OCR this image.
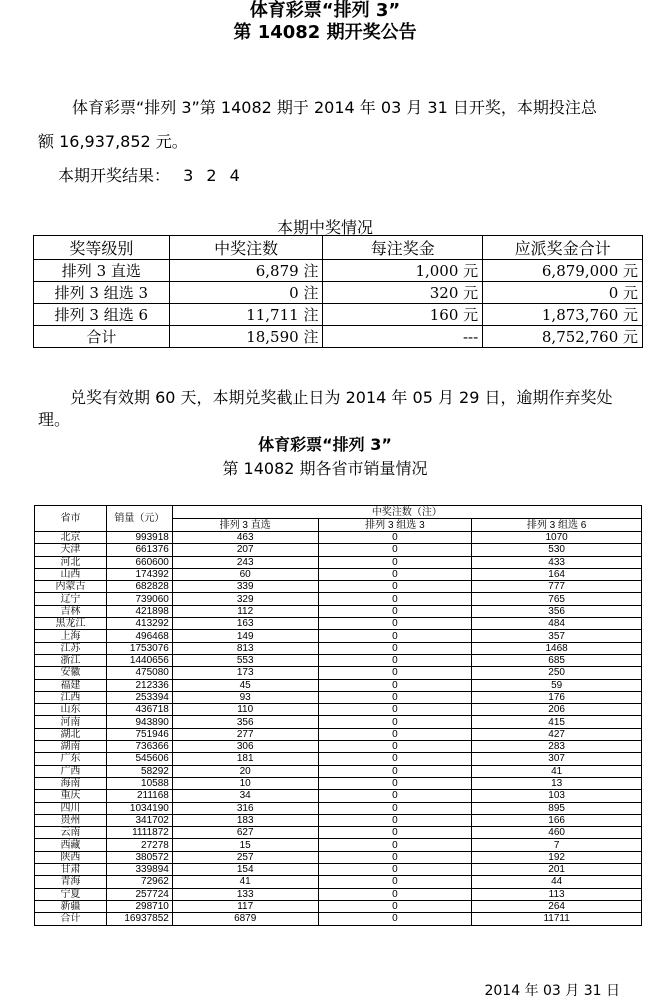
体育彩票“排列 3”
第 14082 期开奖公告
体育彩票“排列 3”第 14082 期于 2014 年 03 月 31 日开奖，本期投注总
额 16,937,852 元。
本期开奖结果： 3 2 4
本期中奖情况
奖等级别	中奖注数	每注奖金	应派奖金合计
排列 3 直选	6,879 注	1,000 元	6,879,000 元
排列 3 组选 3	0 注	320 元	0 元
排列 3 组选 6	11,711 注	160 元	1,873,760 元
合计	18,590 注	---	8,752,760 元
兑奖有效期 60 天，本期兑奖截止日为 2014 年 05 月 29 日，逾期作弃奖处
理。
体育彩票“排列 3”
第 14082 期各省市销量情况
省市	销量（元）	中奖注数（注）		
		排列 3 直选	排列 3 组选 3	排列 3 组选 6
北京	993918	463	0	1070
天津	661376	207	0	530
河北	660600	243	0	433
山西	174392	60	0	164
内蒙古	682828	339	0	777
辽宁	739060	329	0	765
吉林	421898	112	0	356
黑龙江	413292	163	0	484
上海	496468	149	0	357
江苏	1753076	813	0	1468
浙江	1440656	553	0	685
安徽	475080	173	0	250
福建	212336	45	0	59
江西	253394	93	0	176
山东	436718	110	0	206
河南	943890	356	0	415
湖北	751946	277	0	427
湖南	736366	306	0	283
广东	545606	181	0	307
广西	58292	20	0	41
海南	10588	10	0	13
重庆	211168	34	0	103
四川	1034190	316	0	895
贵州	341702	183	0	166
云南	1111872	627	0	460
西藏	27278	15	0	7
陕西	380572	257	0	192
甘肃	339894	154	0	201
青海	72962	41	0	44
宁夏	257724	133	0	113
新疆	298710	117	0	264
合计	16937852	6879	0	11711
2014 年 03 月 31 日
